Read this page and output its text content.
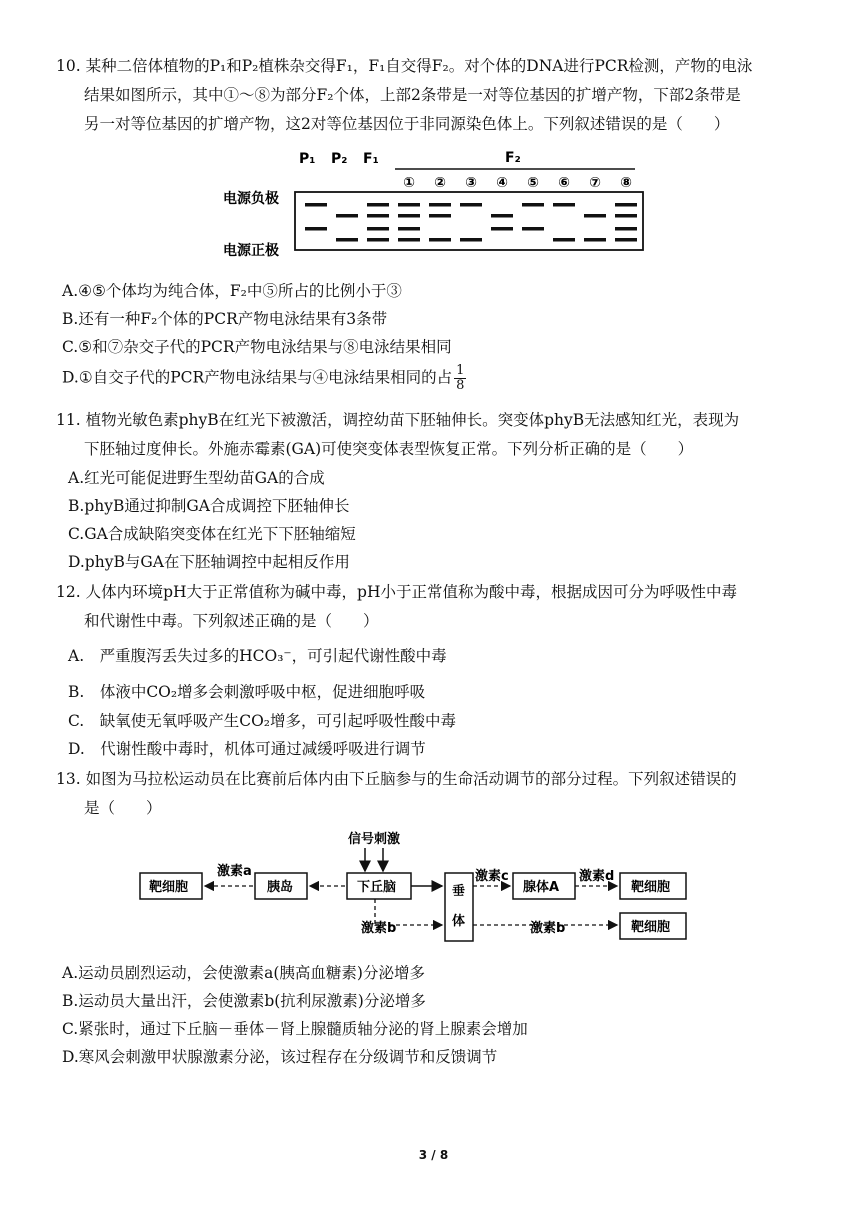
10. 某种二倍体植物的P₁和P₂植株杂交得F₁，F₁自交得F₂。对个体的DNA进行PCR检测，产物的电泳
结果如图所示，其中①～⑧为部分F₂个体，上部2条带是一对等位基因的扩增产物，下部2条带是
另一对等位基因的扩增产物，这2对等位基因位于非同源染色体上。下列叙述错误的是（　　）
P₁ P₂ F₁	F₂
① ② ③ ④ ⑤ ⑥ ⑦ ⑧
电源负极
电源正极
A.④⑤个体均为纯合体，F₂中⑤所占的比例小于③
B.还有一种F₂个体的PCR产物电泳结果有3条带
C.⑤和⑦杂交子代的PCR产物电泳结果与⑧电泳结果相同
D.①自交子代的PCR产物电泳结果与④电泳结果相同的占 $\frac{1}{8}$
11. 植物光敏色素phyB在红光下被激活，调控幼苗下胚轴伸长。突变体phyB无法感知红光，表现为
下胚轴过度伸长。外施赤霉素(GA)可使突变体表型恢复正常。下列分析正确的是（　　）
A.红光可能促进野生型幼苗GA的合成
B.phyB通过抑制GA合成调控下胚轴伸长
C.GA合成缺陷突变体在红光下下胚轴缩短
D.phyB与GA在下胚轴调控中起相反作用
12. 人体内环境pH大于正常值称为碱中毒，pH小于正常值称为酸中毒，根据成因可分为呼吸性中毒
和代谢性中毒。下列叙述正确的是（　　）
A.　严重腹泻丢失过多的HCO₃⁻，可引起代谢性酸中毒
B.　体液中CO₂增多会刺激呼吸中枢，促进细胞呼吸
C.　缺氧使无氧呼吸产生CO₂增多，可引起呼吸性酸中毒
D.　代谢性酸中毒时，机体可通过减缓呼吸进行调节
13. 如图为马拉松运动员在比赛前后体内由下丘脑参与的生命活动调节的部分过程。下列叙述错误的
是（　　）
信号刺激
靶细胞
激素a
胰岛	下丘脑
激素b
垂
体
激素c
腺体A
激素d
靶细胞
激素b	靶细胞
A.运动员剧烈运动，会使激素a(胰高血糖素)分泌增多
B.运动员大量出汗，会使激素b(抗利尿激素)分泌增多
C.紧张时，通过下丘脑－垂体－肾上腺髓质轴分泌的肾上腺素会增加
D.寒风会刺激甲状腺激素分泌，该过程存在分级调节和反馈调节
3 / 8
